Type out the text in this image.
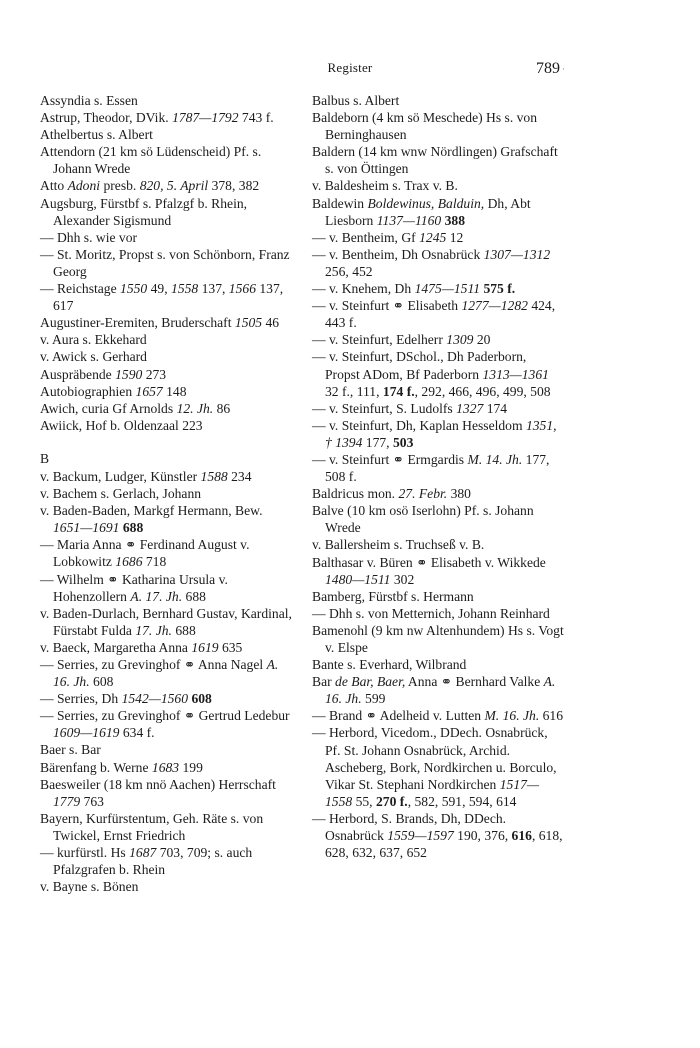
Register	789 ·

Assyndia s. Essen

Astrup, Theodor, DVik. 1787—1792 743 f.

Athelbertus s. Albert

Attendorn (21 km sö Lüdenscheid) Pf. s. Johann Wrede

Atto Adoni presb. 820, 5. April 378, 382

Augsburg, Fürstbf s. Pfalzgf b. Rhein, Alexander Sigismund

— Dhh s. wie vor

— St. Moritz, Propst s. von Schönborn, Franz Georg

— Reichstage 1550 49, 1558 137, 1566 137, 617

Augustiner-Eremiten, Bruderschaft 1505 46

v. Aura s. Ekkehard

v. Awick s. Gerhard

Auspräbende 1590 273

Autobiographien 1657 148

Awich, curia Gf Arnolds 12. Jh. 86

Awiick, Hof b. Oldenzaal 223

B

v. Backum, Ludger, Künstler 1588 234

v. Bachem s. Gerlach, Johann

v. Baden-Baden, Markgf Hermann, Bew. 1651—1691 688

— Maria Anna ⚭ Ferdinand August v. Lobkowitz 1686 718

— Wilhelm ⚭ Katharina Ursula v. Hohenzollern A. 17. Jh. 688

v. Baden-Durlach, Bernhard Gustav, Kardinal, Fürstabt Fulda 17. Jh. 688

v. Baeck, Margaretha Anna 1619 635

— Serries, zu Grevinghof ⚭ Anna Nagel A. 16. Jh. 608

— Serries, Dh 1542—1560 608

— Serries, zu Grevinghof ⚭ Gertrud Ledebur 1609—1619 634 f.

Baer s. Bar

Bärenfang b. Werne 1683 199

Baesweiler (18 km nnö Aachen) Herrschaft 1779 763

Bayern, Kurfürstentum, Geh. Räte s. von Twickel, Ernst Friedrich

— kurfürstl. Hs 1687 703, 709; s. auch Pfalzgrafen b. Rhein

v. Bayne s. Bönen

Balbus s. Albert

Baldeborn (4 km sö Meschede) Hs s. von Berninghausen

Baldern (14 km wnw Nördlingen) Grafschaft s. von Öttingen

v. Baldesheim s. Trax v. B.

Baldewin Boldewinus, Balduin, Dh, Abt Liesborn 1137—1160 388

— v. Bentheim, Gf 1245 12

— v. Bentheim, Dh Osnabrück 1307—1312 256, 452

— v. Knehem, Dh 1475—1511 575 f.

— v. Steinfurt ⚭ Elisabeth 1277—1282 424, 443 f.

— v. Steinfurt, Edelherr 1309 20

— v. Steinfurt, DSchol., Dh Paderborn, Propst ADom, Bf Paderborn 1313—1361 32 f., 111, 174 f., 292, 466, 496, 499, 508

— v. Steinfurt, S. Ludolfs 1327 174

— v. Steinfurt, Dh, Kaplan Hesseldom 1351, † 1394 177, 503

— v. Steinfurt ⚭ Ermgardis M. 14. Jh. 177, 508 f.

Baldricus mon. 27. Febr. 380

Balve (10 km osö Iserlohn) Pf. s. Johann Wrede

v. Ballersheim s. Truchseß v. B.

Balthasar v. Büren ⚭ Elisabeth v. Wikkede 1480—1511 302

Bamberg, Fürstbf s. Hermann

— Dhh s. von Metternich, Johann Reinhard

Bamenohl (9 km nw Altenhundem) Hs s. Vogt v. Elspe

Bante s. Everhard, Wilbrand

Bar de Bar, Baer, Anna ⚭ Bernhard Valke A. 16. Jh. 599

— Brand ⚭ Adelheid v. Lutten M. 16. Jh. 616

— Herbord, Vicedom., DDech. Osnabrück, Pf. St. Johann Osnabrück, Archid. Ascheberg, Bork, Nordkirchen u. Borculo, Vikar St. Stephani Nordkirchen 1517—1558 55, 270 f., 582, 591, 594, 614

— Herbord, S. Brands, Dh, DDech. Osnabrück 1559—1597 190, 376, 616, 618, 628, 632, 637, 652
